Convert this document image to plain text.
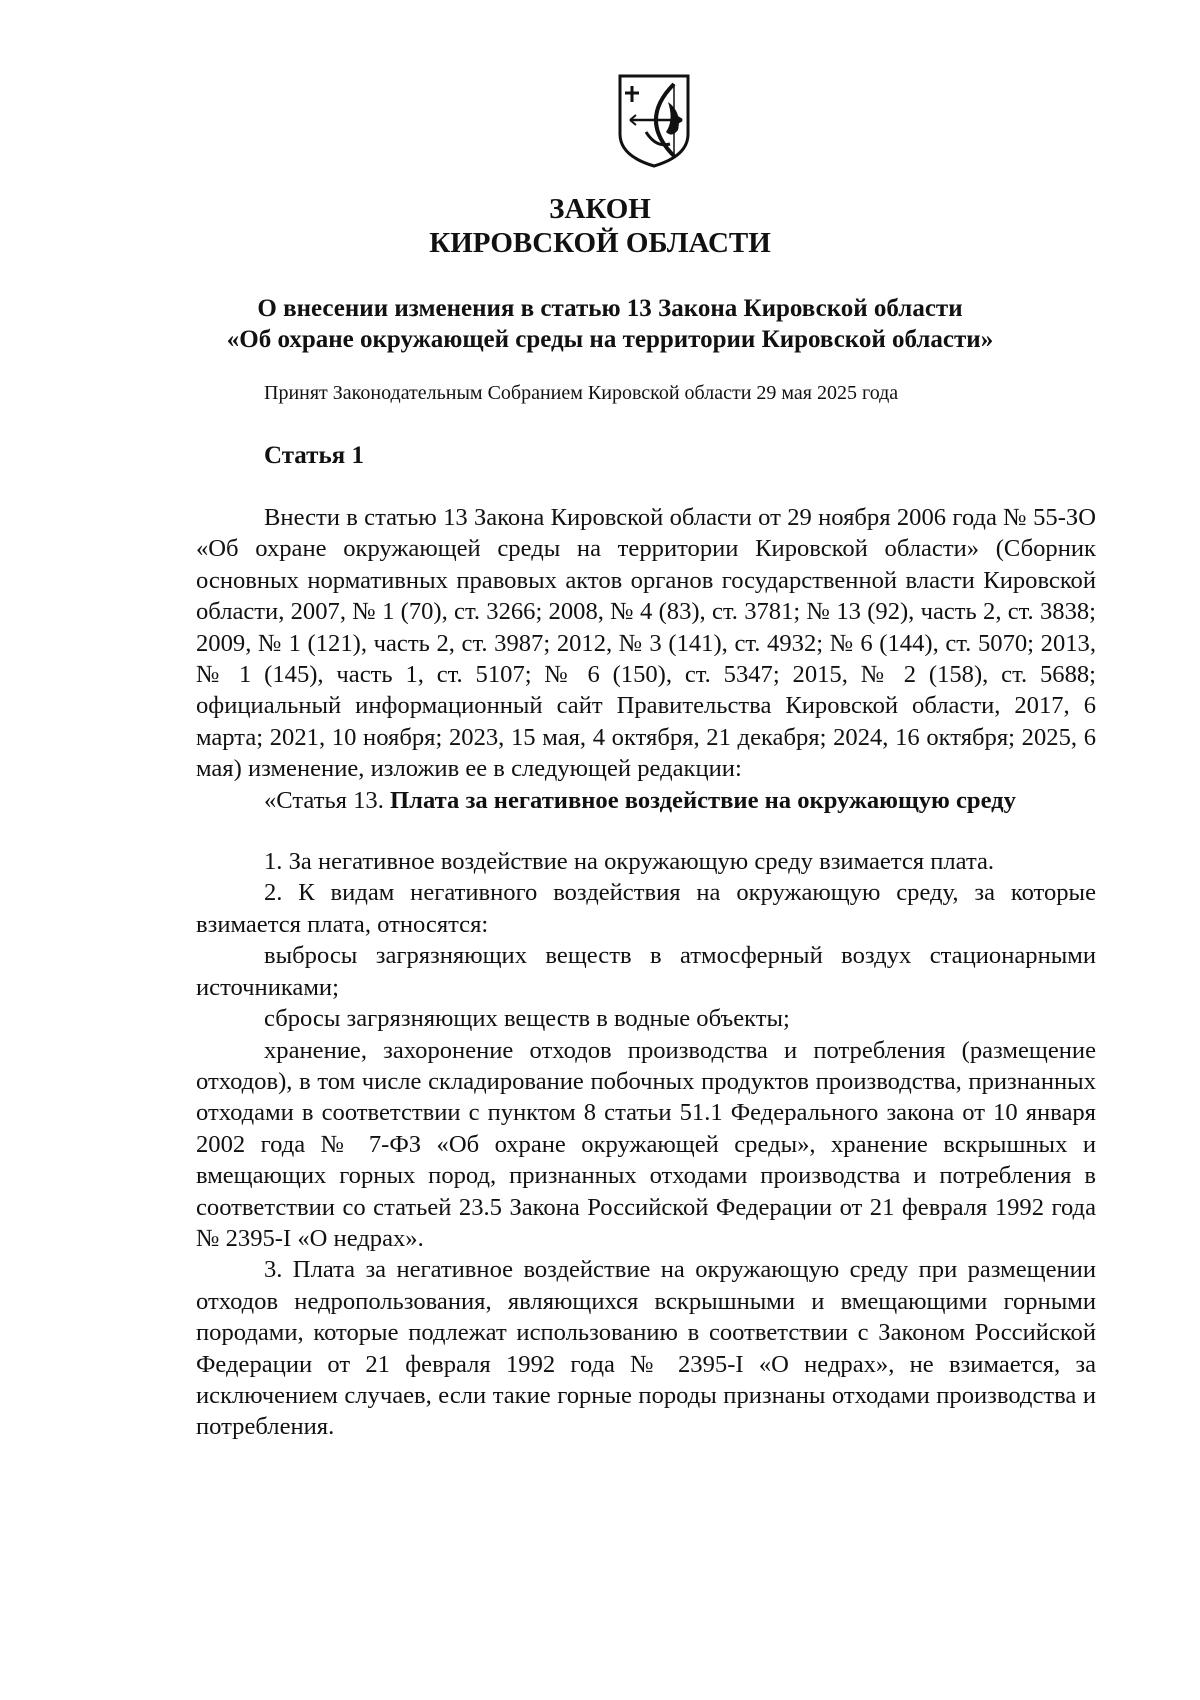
ЗАКОН
КИРОВСКОЙ ОБЛАСТИ
О внесении изменения в статью 13 Закона Кировской области
«Об охране окружающей среды на территории Кировской области»
Принят Законодательным Собранием Кировской области 29 мая 2025 года
Статья 1

Внести в статью 13 Закона Кировской области от 29 ноября 2006 года № 55-ЗО «Об охране окружающей среды на территории Кировской области» (Сборник основных нормативных правовых актов органов государственной власти Кировской области, 2007, № 1 (70), ст. 3266; 2008, № 4 (83), ст. 3781; № 13 (92), часть 2, ст. 3838; 2009, № 1 (121), часть 2, ст. 3987; 2012, № 3 (141), ст. 4932; № 6 (144), ст. 5070; 2013, № 1 (145), часть 1, ст. 5107; № 6 (150), ст. 5347; 2015, № 2 (158), ст. 5688; официальный информационный сайт Правительства Кировской области, 2017, 6 марта; 2021, 10 ноября; 2023, 15 мая, 4 октября, 21 декабря; 2024, 16 октября; 2025, 6 мая) изменение, изложив ее в следующей редакции:

«Статья 13. Плата за негативное воздействие на окружающую среду

1. За негативное воздействие на окружающую среду взимается плата.

2. К видам негативного воздействия на окружающую среду, за которые взимается плата, относятся:

выбросы загрязняющих веществ в атмосферный воздух стационарными источниками;

сбросы загрязняющих веществ в водные объекты;

хранение, захоронение отходов производства и потребления (размещение отходов), в том числе складирование побочных продуктов производства, признанных отходами в соответствии с пунктом 8 статьи 51.1 Федерального закона от 10 января 2002 года № 7-ФЗ «Об охране окружающей среды», хранение вскрышных и вмещающих горных пород, признанных отходами производства и потребления в соответствии со статьей 23.5 Закона Российской Федерации от 21 февраля 1992 года № 2395-I «О недрах».

3. Плата за негативное воздействие на окружающую среду при размещении отходов недропользования, являющихся вскрышными и вмещающими горными породами, которые подлежат использованию в соответствии с Законом Российской Федерации от 21 февраля 1992 года № 2395-I «О недрах», не взимается, за исключением случаев, если такие горные породы признаны отходами производства и потребления.
